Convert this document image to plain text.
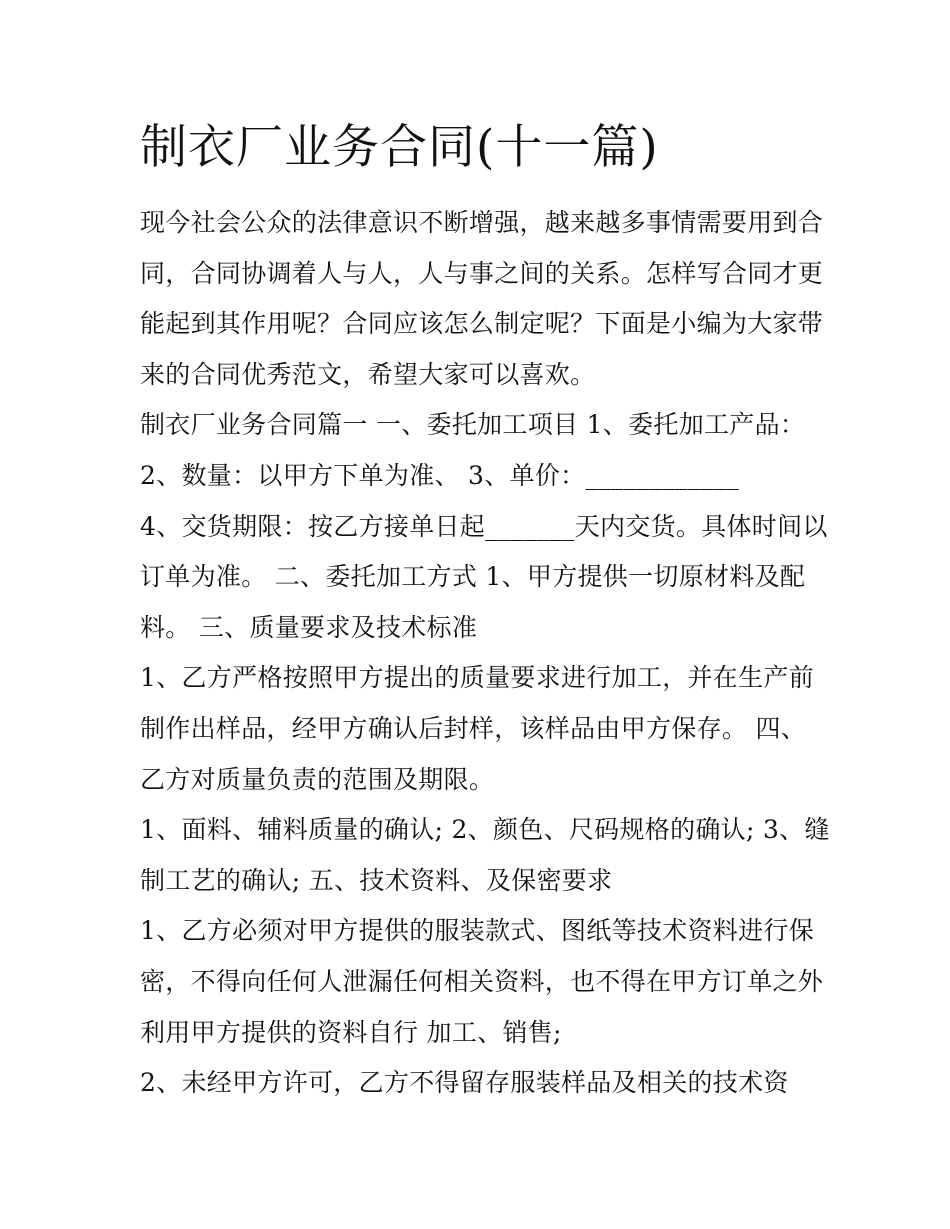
制衣厂业务合同(十一篇)

现今社会公众的法律意识不断增强，越来越多事情需要用到合
同，合同协调着人与人，人与事之间的关系。怎样写合同才更
能起到其作用呢？合同应该怎么制定呢？下面是小编为大家带
来的合同优秀范文，希望大家可以喜欢。

制衣厂业务合同篇一 一、委托加工项目 1、委托加工产品：

2、数量：以甲方下单为准、 3、单价：____________

4、交货期限：按乙方接单日起_______天内交货。具体时间以
订单为准。 二、委托加工方式 1、甲方提供一切原材料及配
料。 三、质量要求及技术标准

1、乙方严格按照甲方提出的质量要求进行加工，并在生产前
制作出样品，经甲方确认后封样，该样品由甲方保存。 四、
乙方对质量负责的范围及期限。

1、面料、辅料质量的确认; 2、颜色、尺码规格的确认; 3、缝
制工艺的确认; 五、技术资料、及保密要求

1、乙方必须对甲方提供的服装款式、图纸等技术资料进行保
密，不得向任何人泄漏任何相关资料，也不得在甲方订单之外
利用甲方提供的资料自行 加工、销售;

2、未经甲方许可，乙方不得留存服装样品及相关的技术资
